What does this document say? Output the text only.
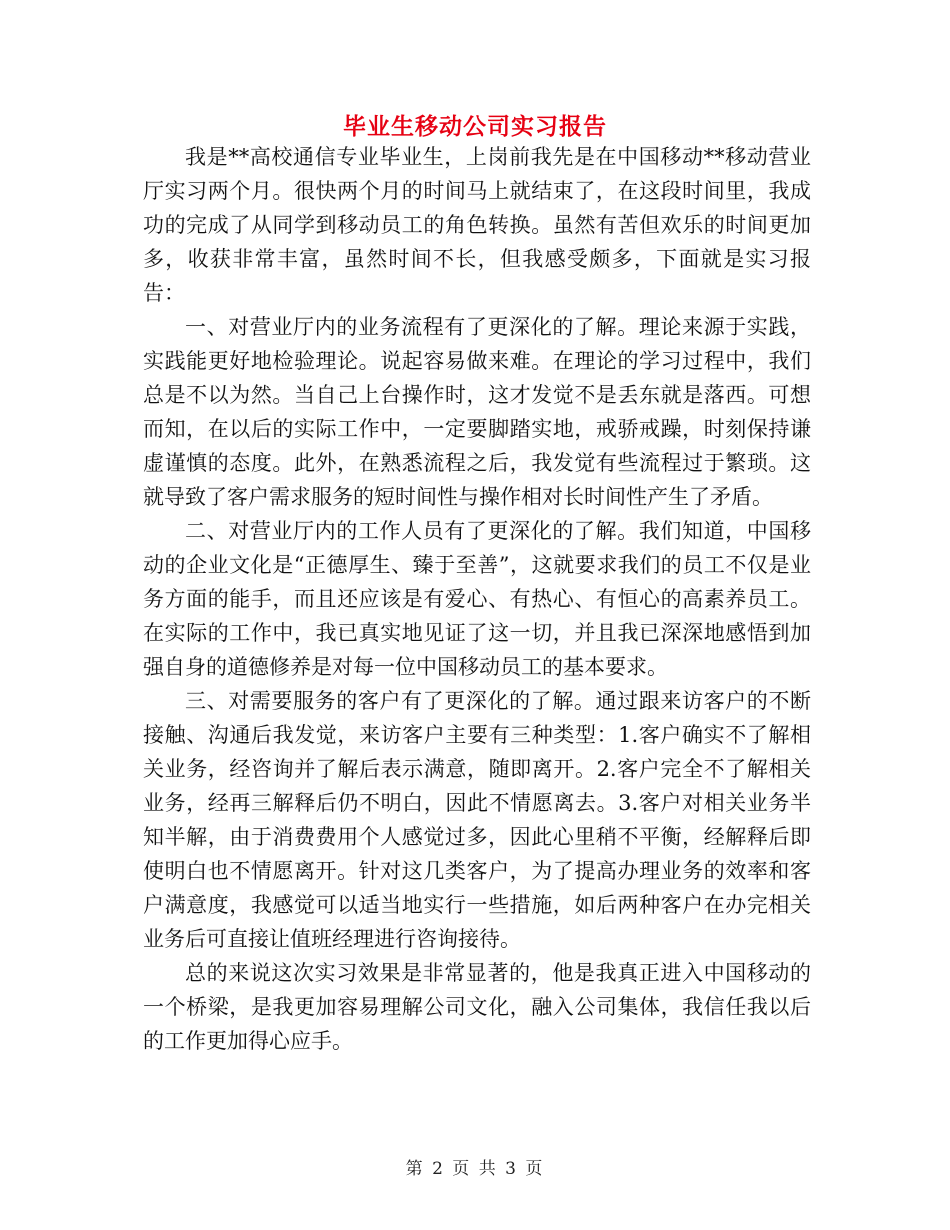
毕业生移动公司实习报告

我是**高校通信专业毕业生，上岗前我先是在中国移动**移动营业厅实习两个月。很快两个月的时间马上就结束了，在这段时间里，我成功的完成了从同学到移动员工的角色转换。虽然有苦但欢乐的时间更加多，收获非常丰富，虽然时间不长，但我感受颇多，下面就是实习报告：

一、对营业厅内的业务流程有了更深化的了解。理论来源于实践，实践能更好地检验理论。说起容易做来难。在理论的学习过程中，我们总是不以为然。当自己上台操作时，这才发觉不是丢东就是落西。可想而知，在以后的实际工作中，一定要脚踏实地，戒骄戒躁，时刻保持谦虚谨慎的态度。此外，在熟悉流程之后，我发觉有些流程过于繁琐。这就导致了客户需求服务的短时间性与操作相对长时间性产生了矛盾。

二、对营业厅内的工作人员有了更深化的了解。我们知道，中国移动的企业文化是“正德厚生、臻于至善”，这就要求我们的员工不仅是业务方面的能手，而且还应该是有爱心、有热心、有恒心的高素养员工。在实际的工作中，我已真实地见证了这一切，并且我已深深地感悟到加强自身的道德修养是对每一位中国移动员工的基本要求。

三、对需要服务的客户有了更深化的了解。通过跟来访客户的不断接触、沟通后我发觉，来访客户主要有三种类型：1.客户确实不了解相关业务，经咨询并了解后表示满意，随即离开。2.客户完全不了解相关业务，经再三解释后仍不明白，因此不情愿离去。3.客户对相关业务半知半解，由于消费费用个人感觉过多，因此心里稍不平衡，经解释后即使明白也不情愿离开。针对这几类客户，为了提高办理业务的效率和客户满意度，我感觉可以适当地实行一些措施，如后两种客户在办完相关业务后可直接让值班经理进行咨询接待。

总的来说这次实习效果是非常显著的，他是我真正进入中国移动的一个桥梁，是我更加容易理解公司文化，融入公司集体，我信任我以后的工作更加得心应手。

第 2 页 共 3 页
